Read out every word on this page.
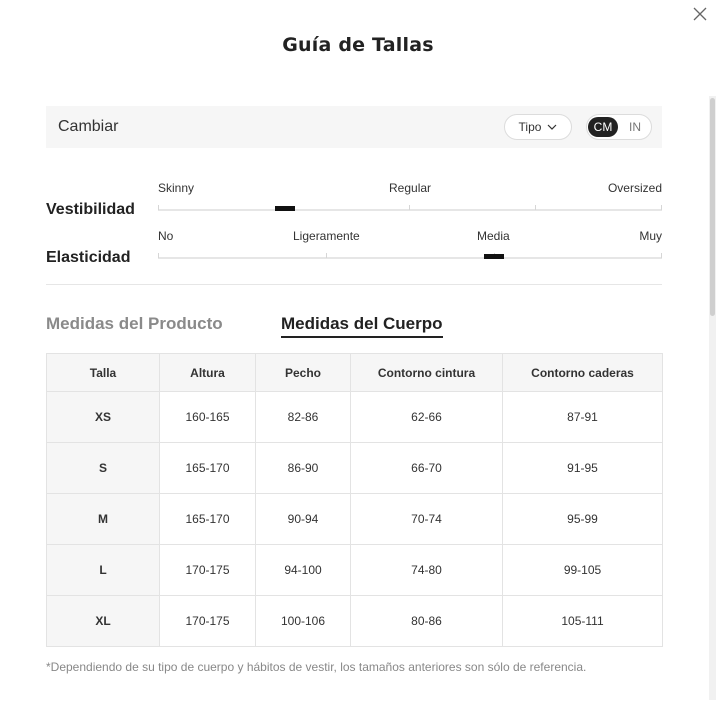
Guía de Tallas
Cambiar	Tipo	CM	IN
Vestibilidad
Skinny	Regular	Oversized
Elasticidad
No	Ligeramente	Media	Muy
Medidas del Producto	Medidas del Cuerpo
Talla	Altura	Pecho	Contorno cintura	Contorno caderas
XS	160-165	82-86	62-66	87-91
S	165-170	86-90	66-70	91-95
M	165-170	90-94	70-74	95-99
L	170-175	94-100	74-80	99-105
XL	170-175	100-106	80-86	105-111
*Dependiendo de su tipo de cuerpo y hábitos de vestir, los tamaños anteriores son sólo de referencia.
